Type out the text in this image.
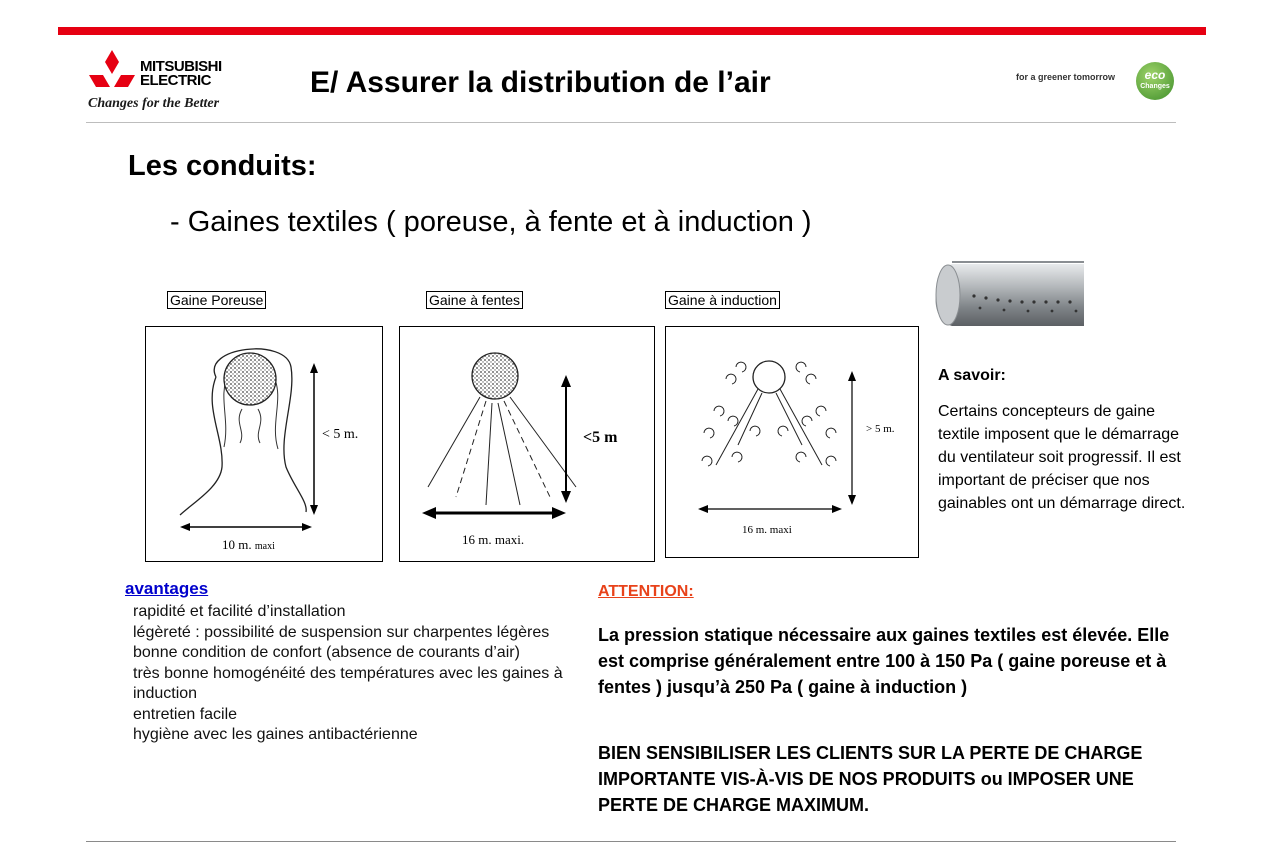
MITSUBISHI
ELECTRIC
Changes for the Better
E/ Assurer la distribution de l’air	for a greener tomorrow	eco
Changes
Les conduits:
- Gaines textiles ( poreuse, à fente et à induction )
Gaine Poreuse	Gaine à fentes	Gaine à induction
< 5 m.
10 m. maxi
<5 m
16 m. maxi.
> 5 m.
16 m. maxi
A savoir:
Certains concepteurs de gaine textile imposent que le démarrage du ventilateur soit progressif. Il est important de préciser que nos gainables ont un démarrage direct.
avantages
rapidité et facilité d’installation
légèreté : possibilité de suspension sur charpentes légères
bonne condition de confort (absence de courants d’air)
très bonne homogénéité des températures avec les gaines à induction
entretien facile
hygiène avec les gaines antibactérienne
ATTENTION:
La pression statique nécessaire aux gaines textiles est élevée. Elle est comprise généralement entre 100 à 150 Pa ( gaine poreuse et à fentes ) jusqu’à 250 Pa ( gaine à induction )
BIEN SENSIBILISER LES CLIENTS SUR LA PERTE DE CHARGE IMPORTANTE VIS-À-VIS DE NOS PRODUITS ou IMPOSER UNE PERTE DE CHARGE MAXIMUM.
